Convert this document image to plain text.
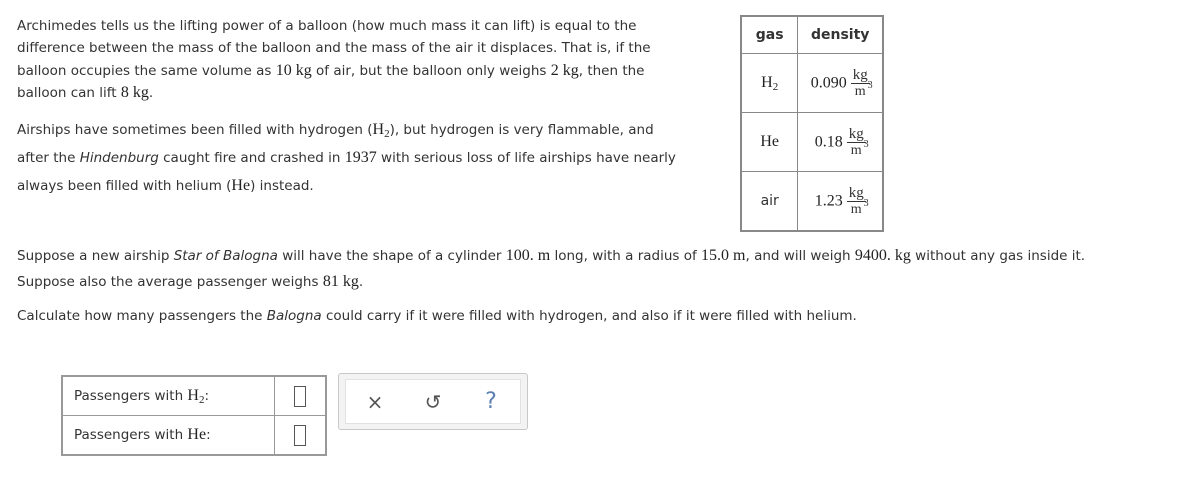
Archimedes tells us the lifting power of a balloon (how much mass it can lift) is equal to the
difference between the mass of the balloon and the mass of the air it displaces. That is, if the
balloon occupies the same volume as 10 kg of air, but the balloon only weighs 2 kg, then the
balloon can lift 8 kg.
Airships have sometimes been filled with hydrogen $(H_2)$, but hydrogen is very flammable, and
after the Hindenburg caught fire and crashed in 1937 with serious loss of life airships have nearly
always been filled with helium (He) instead.
gas	density
$H_2$	$0.090 \frac{kg}{m 3}$

He	$0.18 \frac{kg}{m 3}$

air	$1.23 \frac{kg}{m 3}$
Suppose a new airship Star of Balogna will have the shape of a cylinder 100. m long, with a radius of 15.0 m, and will weigh 9400. kg without any gas inside it.
Suppose also the average passenger weighs 81 kg.
Calculate how many passengers the Balogna could carry if it were filled with hydrogen, and also if it were filled with helium.
Passengers with $H_2$:	
Passengers with He:	
×	↺	?
